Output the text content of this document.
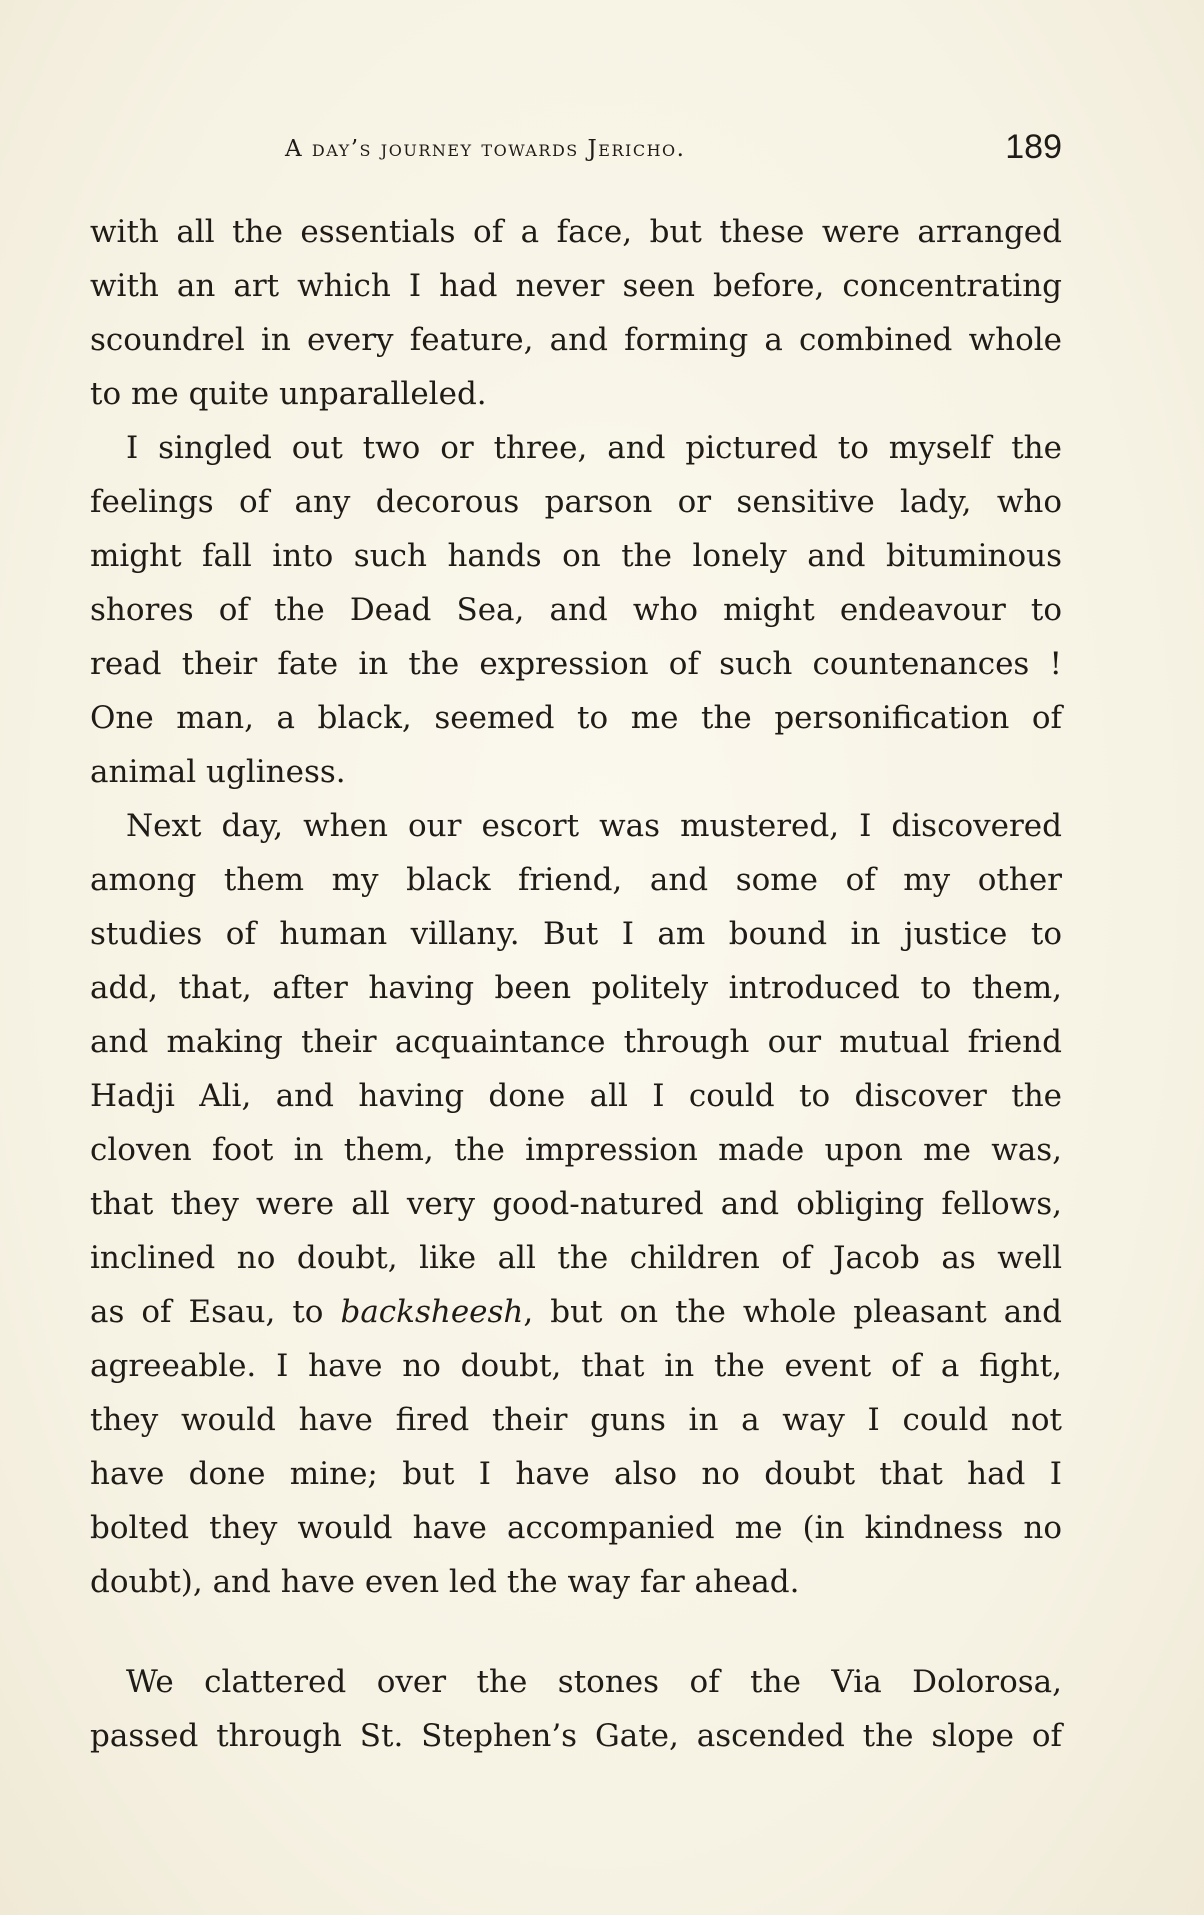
A day’s journey towards Jericho.	189
with all the essentials of a face, but these were arranged
with an art which I had never seen before, concentrating
scoundrel in every feature, and forming a combined whole
to me quite unparalleled.
I singled out two or three, and pictured to myself the
feelings of any decorous parson or sensitive lady, who
might fall into such hands on the lonely and bituminous
shores of the Dead Sea, and who might endeavour to
read their fate in the expression of such countenances !
One man, a black, seemed to me the personification of
animal ugliness.
Next day, when our escort was mustered, I discovered
among them my black friend, and some of my other
studies of human villany. But I am bound in justice to
add, that, after having been politely introduced to them,
and making their acquaintance through our mutual friend
Hadji Ali, and having done all I could to discover the
cloven foot in them, the impression made upon me was,
that they were all very good-natured and obliging fellows,
inclined no doubt, like all the children of Jacob as well
as of Esau, to backsheesh, but on the whole pleasant and
agreeable. I have no doubt, that in the event of a fight,
they would have fired their guns in a way I could not
have done mine; but I have also no doubt that had I
bolted they would have accompanied me (in kindness no
doubt), and have even led the way far ahead.
We clattered over the stones of the Via Dolorosa,
passed through St. Stephen’s Gate, ascended the slope of
